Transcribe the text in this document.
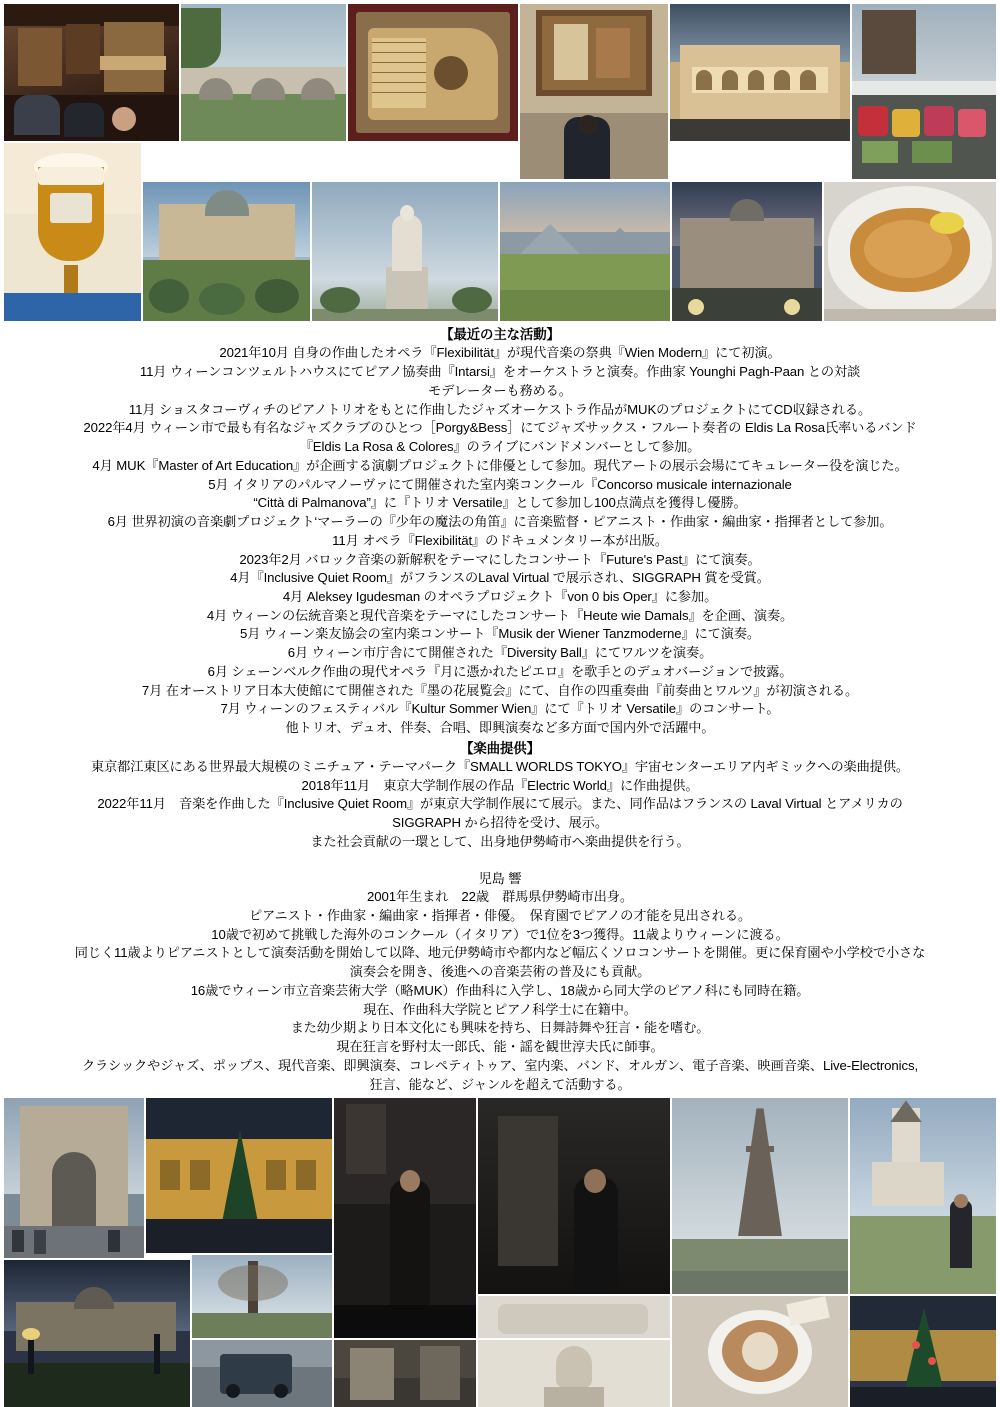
【最近の主な活動】
2021年10月 自身の作曲したオペラ『Flexibilität』が現代音楽の祭典『Wien Modern』にて初演。
11月 ウィーンコンツェルトハウスにてピアノ協奏曲『Intarsi』をオーケストラと演奏。作曲家 Younghi Pagh-Paan との対談
モデレーターも務める。
11月 ショスタコーヴィチのピアノトリオをもとに作曲したジャズオーケストラ作品がMUKのプロジェクトにてCD収録される。
2022年4月 ウィーン市で最も有名なジャズクラブのひとつ［Porgy&Bess］にてジャズサックス・フルート奏者の Eldis La Rosa氏率いるバンド
『Eldis La Rosa & Colores』のライブにバンドメンバーとして参加。
4月 MUK『Master of Art Education』が企画する演劇プロジェクトに俳優として参加。現代アートの展示会場にてキュレーター役を演じた。
5月 イタリアのパルマノーヴァにて開催された室内楽コンクール『Concorso musicale internazionale
“Città di Palmanova”』に『トリオ Versatile』として参加し100点満点を獲得し優勝。
6月 世界初演の音楽劇プロジェクト‘マーラーの『少年の魔法の角笛』に音楽監督・ピアニスト・作曲家・編曲家・指揮者として参加。
11月 オペラ『Flexibilität』のドキュメンタリー本が出版。
2023年2月 バロック音楽の新解釈をテーマにしたコンサート『Future's Past』にて演奏。
4月『Inclusive Quiet Room』がフランスのLaval Virtual で展示され、SIGGRAPH 賞を受賞。
4月 Aleksey Igudesman のオペラプロジェクト『von 0 bis Oper』に参加。
4月 ウィーンの伝統音楽と現代音楽をテーマにしたコンサート『Heute wie Damals』を企画、演奏。
5月 ウィーン楽友協会の室内楽コンサート『Musik der Wiener Tanzmoderne』にて演奏。
6月 ウィーン市庁舎にて開催された『Diversity Ball』にてワルツを演奏。
6月 シェーンベルク作曲の現代オペラ『月に憑かれたピエロ』を歌手とのデュオバージョンで披露。
7月 在オーストリア日本大使館にて開催された『墨の花展覧会』にて、自作の四重奏曲『前奏曲とワルツ』が初演される。
7月 ウィーンのフェスティバル『Kultur Sommer Wien』にて『トリオ Versatile』のコンサート。
他トリオ、デュオ、伴奏、合唱、即興演奏など多方面で国内外で活躍中。
【楽曲提供】
東京都江東区にある世界最大規模のミニチュア・テーマパーク『SMALL WORLDS TOKYO』宇宙センターエリア内ギミックへの楽曲提供。
2018年11月　東京大学制作展の作品『Electric World』に作曲提供。
2022年11月　音楽を作曲した『Inclusive Quiet Room』が東京大学制作展にて展示。また、同作品はフランスの Laval Virtual とアメリカの
SIGGRAPH から招待を受け、展示。
また社会貢献の一環として、出身地伊勢崎市へ楽曲提供を行う。
児島 響
2001年生まれ　22歳　群馬県伊勢崎市出身。
ピアニスト・作曲家・編曲家・指揮者・俳優。　保育園でピアノの才能を見出される。
10歳で初めて挑戦した海外のコンクール（イタリア）で1位を3つ獲得。11歳よりウィーンに渡る。
同じく11歳よりピアニストとして演奏活動を開始して以降、地元伊勢崎市や都内など幅広くソロコンサートを開催。更に保育園や小学校で小さな
演奏会を開き、後進への音楽芸術の普及にも貢献。
16歳でウィーン市立音楽芸術大学（略MUK）作曲科に入学し、18歳から同大学のピアノ科にも同時在籍。
現在、作曲科大学院とピアノ科学士に在籍中。
また幼少期より日本文化にも興味を持ち、日舞詩舞や狂言・能を嗜む。
現在狂言を野村太一郎氏、能・謡を観世淳夫氏に師事。
クラシックやジャズ、ポップス、現代音楽、即興演奏、コレペティトゥア、室内楽、バンド、オルガン、電子音楽、映画音楽、Live-Electronics,
狂言、能など、ジャンルを超えて活動する。
